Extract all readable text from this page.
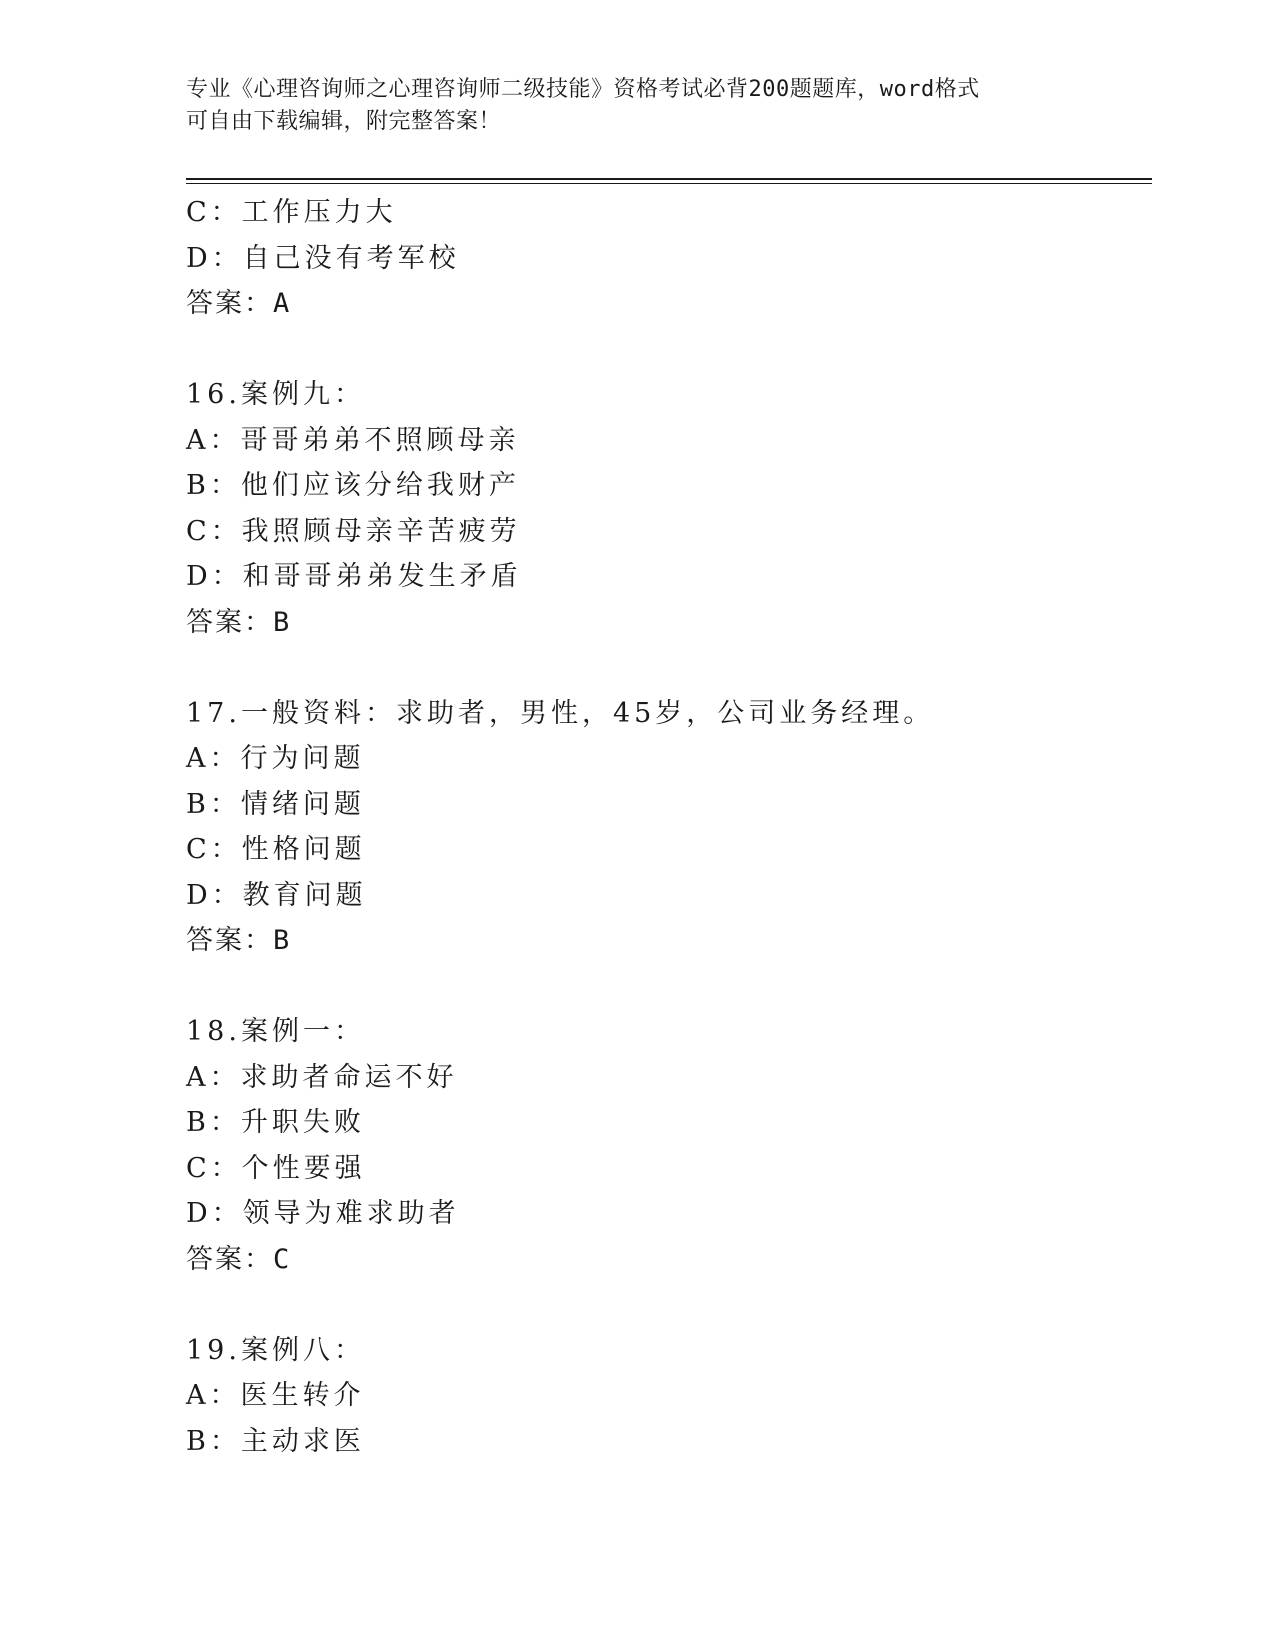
专业《心理咨询师之心理咨询师二级技能》资格考试必背200题题库，word格式
可自由下载编辑，附完整答案！
C：工作压力大
D：自己没有考军校
答案：A
16.案例九：
A：哥哥弟弟不照顾母亲
B：他们应该分给我财产
C：我照顾母亲辛苦疲劳
D：和哥哥弟弟发生矛盾
答案：B
17.一般资料：求助者，男性，45岁，公司业务经理。
A：行为问题
B：情绪问题
C：性格问题
D：教育问题
答案：B
18.案例一：
A：求助者命运不好
B：升职失败
C：个性要强
D：领导为难求助者
答案：C
19.案例八：
A：医生转介
B：主动求医
